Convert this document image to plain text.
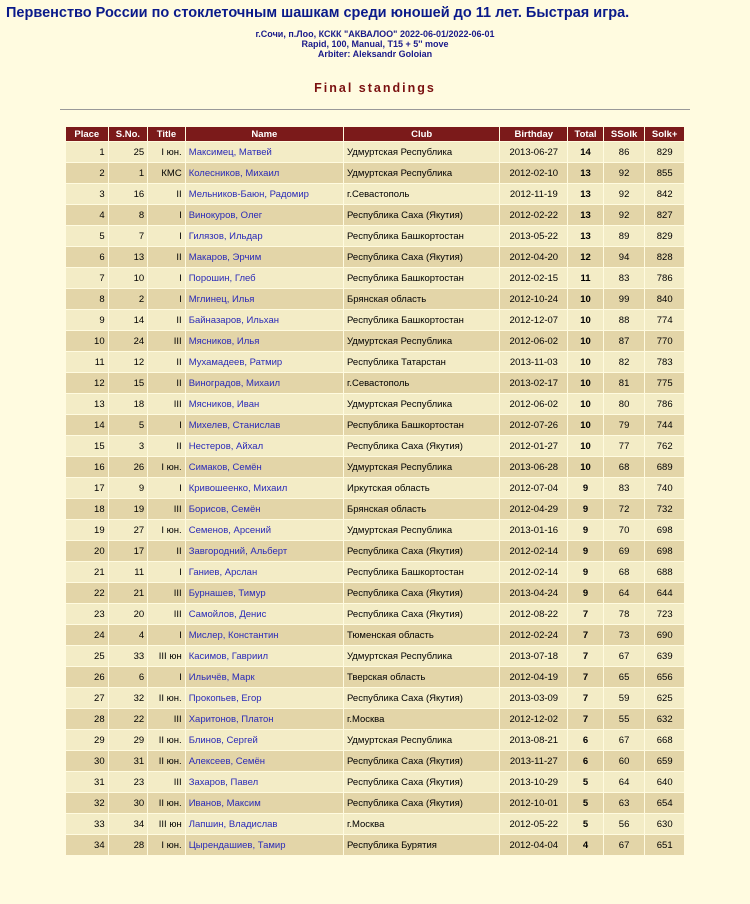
Первенство России по стоклеточным шашкам среди юношей до 11 лет. Быстрая игра.
г.Сочи, п.Лоо, КСКК "АКВАЛОО" 2022-06-01/2022-06-01
Rapid, 100, Manual, T15 + 5'' move
Arbiter: Aleksandr Goloian
Final standings
Place	S.No.	Title	Name	Club	Birthday	Total	SSolk	Solk+
1	25	I юн.	Максимец, Матвей	Удмуртская Республика	2013-06-27	14	86	829
2	1	КМС	Колесников, Михаил	Удмуртская Республика	2012-02-10	13	92	855
3	16	II	Мельников-Баюн, Радомир	г.Севастополь	2012-11-19	13	92	842
4	8	I	Винокуров, Олег	Республика Саха (Якутия)	2012-02-22	13	92	827
5	7	I	Гилязов, Ильдар	Республика Башкортостан	2013-05-22	13	89	829
6	13	II	Макаров, Эрчим	Республика Саха (Якутия)	2012-04-20	12	94	828
7	10	I	Порошин, Глеб	Республика Башкортостан	2012-02-15	11	83	786
8	2	I	Мглинец, Илья	Брянская область	2012-10-24	10	99	840
9	14	II	Байназаров, Ильхан	Республика Башкортостан	2012-12-07	10	88	774
10	24	III	Мясников, Илья	Удмуртская Республика	2012-06-02	10	87	770
11	12	II	Мухамадеев, Ратмир	Республика Татарстан	2013-11-03	10	82	783
12	15	II	Виноградов, Михаил	г.Севастополь	2013-02-17	10	81	775
13	18	III	Мясников, Иван	Удмуртская Республика	2012-06-02	10	80	786
14	5	I	Михелев, Станислав	Республика Башкортостан	2012-07-26	10	79	744
15	3	II	Нестеров, Айхал	Республика Саха (Якутия)	2012-01-27	10	77	762
16	26	I юн.	Симаков, Семён	Удмуртская Республика	2013-06-28	10	68	689
17	9	I	Кривошеенко, Михаил	Иркутская область	2012-07-04	9	83	740
18	19	III	Борисов, Семён	Брянская область	2012-04-29	9	72	732
19	27	I юн.	Семенов, Арсений	Удмуртская Республика	2013-01-16	9	70	698
20	17	II	Завгородний, Альберт	Республика Саха (Якутия)	2012-02-14	9	69	698
21	11	I	Ганиев, Арслан	Республика Башкортостан	2012-02-14	9	68	688
22	21	III	Бурнашев, Тимур	Республика Саха (Якутия)	2013-04-24	9	64	644
23	20	III	Самойлов, Денис	Республика Саха (Якутия)	2012-08-22	7	78	723
24	4	I	Мислер, Константин	Тюменская область	2012-02-24	7	73	690
25	33	III юн	Касимов, Гавриил	Удмуртская Республика	2013-07-18	7	67	639
26	6	I	Ильичёв, Марк	Тверская область	2012-04-19	7	65	656
27	32	II юн.	Прокопьев, Егор	Республика Саха (Якутия)	2013-03-09	7	59	625
28	22	III	Харитонов, Платон	г.Москва	2012-12-02	7	55	632
29	29	II юн.	Блинов, Сергей	Удмуртская Республика	2013-08-21	6	67	668
30	31	II юн.	Алексеев, Семён	Республика Саха (Якутия)	2013-11-27	6	60	659
31	23	III	Захаров, Павел	Республика Саха (Якутия)	2013-10-29	5	64	640
32	30	II юн.	Иванов, Максим	Республика Саха (Якутия)	2012-10-01	5	63	654
33	34	III юн	Лапшин, Владислав	г.Москва	2012-05-22	5	56	630
34	28	I юн.	Цырендашиев, Тамир	Республика Бурятия	2012-04-04	4	67	651
